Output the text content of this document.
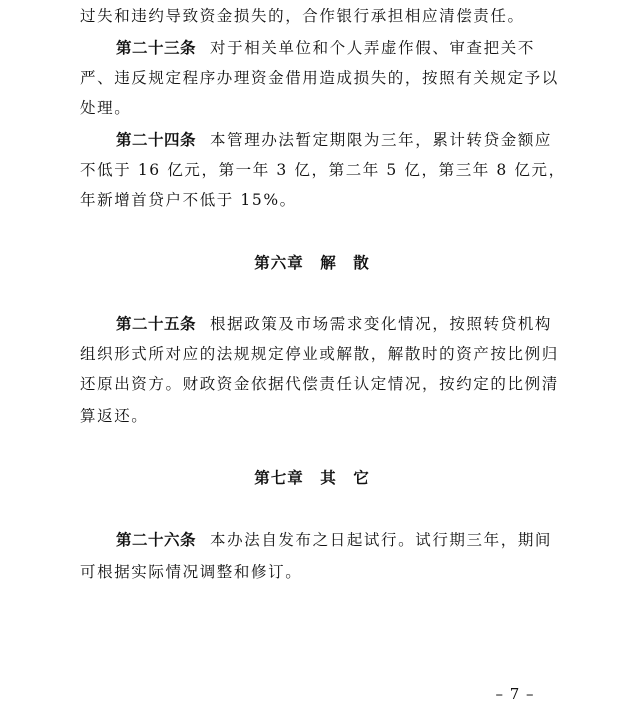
过失和违约导致资金损失的，合作银行承担相应清偿责任。
第二十三条 对于相关单位和个人弄虚作假、审查把关不
严、违反规定程序办理资金借用造成损失的，按照有关规定予以
处理。
第二十四条 本管理办法暂定期限为三年，累计转贷金额应
不低于 16 亿元，第一年 3 亿，第二年 5 亿，第三年 8 亿元，
年新增首贷户不低于 15%。
第六章　解　散
第二十五条 根据政策及市场需求变化情况，按照转贷机构
组织形式所对应的法规规定停业或解散，解散时的资产按比例归
还原出资方。财政资金依据代偿责任认定情况，按约定的比例清
算返还。
第七章　其　它
第二十六条 本办法自发布之日起试行。试行期三年，期间
可根据实际情况调整和修订。
– 7 –
